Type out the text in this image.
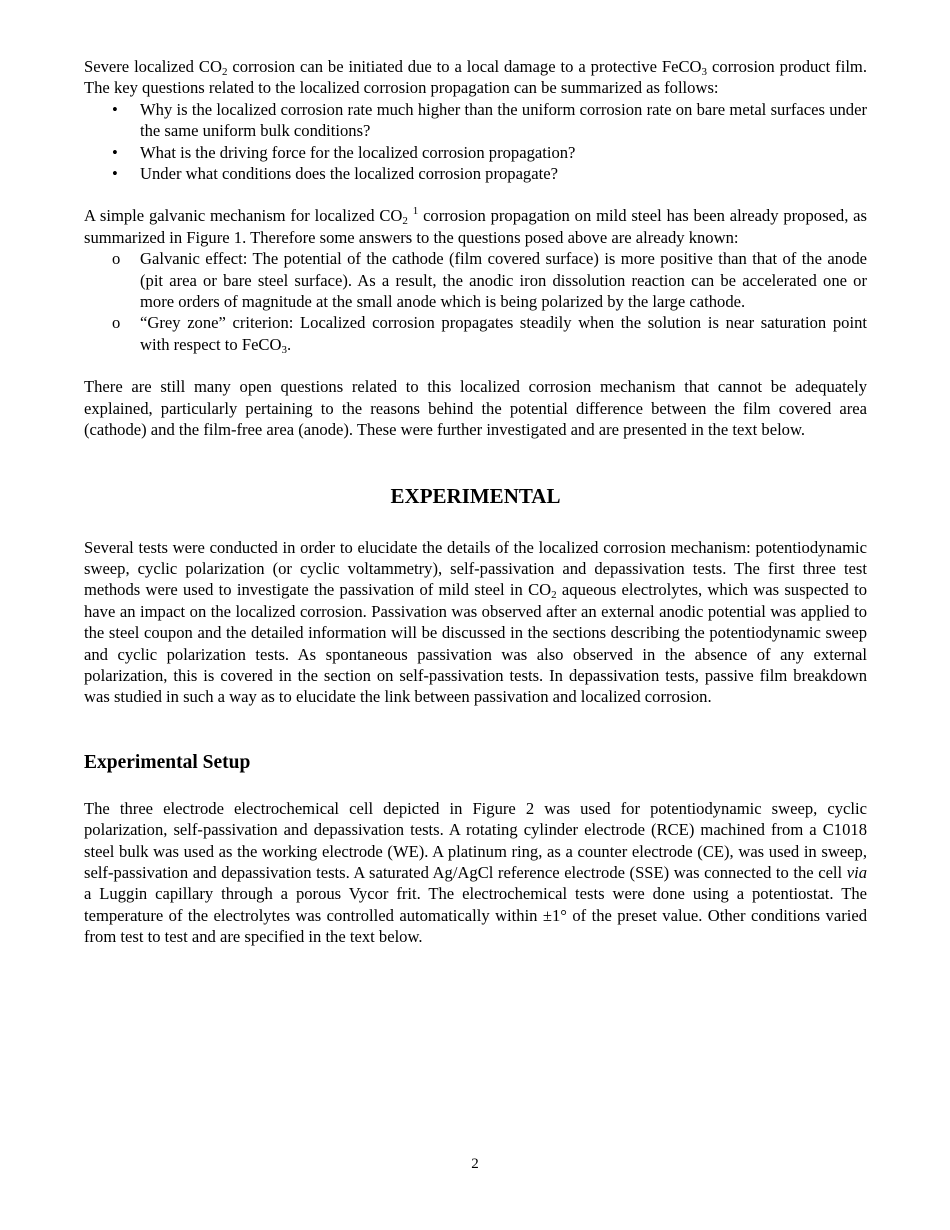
Severe localized $CO_2$ corrosion can be initiated due to a local damage to a protective FeCO$_3$ corrosion product film. The key questions related to the localized corrosion propagation can be summarized as follows:

• Why is the localized corrosion rate much higher than the uniform corrosion rate on bare metal surfaces under the same uniform bulk conditions?
• What is the driving force for the localized corrosion propagation?
• Under what conditions does the localized corrosion propagate?

A simple galvanic mechanism for localized $CO_2$ $^1$ corrosion propagation on mild steel has been already proposed, as summarized in Figure 1. Therefore some answers to the questions posed above are already known:

o Galvanic effect: The potential of the cathode (film covered surface) is more positive than that of the anode (pit area or bare steel surface). As a result, the anodic iron dissolution reaction can be accelerated one or more orders of magnitude at the small anode which is being polarized by the large cathode.
o “Grey zone” criterion: Localized corrosion propagates steadily when the solution is near saturation point with respect to FeCO$_3$.

There are still many open questions related to this localized corrosion mechanism that cannot be adequately explained, particularly pertaining to the reasons behind the potential difference between the film covered area (cathode) and the film-free area (anode). These were further investigated and are presented in the text below.

EXPERIMENTAL

Several tests were conducted in order to elucidate the details of the localized corrosion mechanism: potentiodynamic sweep, cyclic polarization (or cyclic voltammetry), self-passivation and depassivation tests. The first three test methods were used to investigate the passivation of mild steel in $CO_2$ aqueous electrolytes, which was suspected to have an impact on the localized corrosion. Passivation was observed after an external anodic potential was applied to the steel coupon and the detailed information will be discussed in the sections describing the potentiodynamic sweep and cyclic polarization tests. As spontaneous passivation was also observed in the absence of any external polarization, this is covered in the section on self-passivation tests. In depassivation tests, passive film breakdown was studied in such a way as to elucidate the link between passivation and localized corrosion.

Experimental Setup

The three electrode electrochemical cell depicted in Figure 2 was used for potentiodynamic sweep, cyclic polarization, self-passivation and depassivation tests. A rotating cylinder electrode (RCE) machined from a C1018 steel bulk was used as the working electrode (WE). A platinum ring, as a counter electrode (CE), was used in sweep, self-passivation and depassivation tests. A saturated Ag/AgCl reference electrode (SSE) was connected to the cell via a Luggin capillary through a porous Vycor frit. The electrochemical tests were done using a potentiostat. The temperature of the electrolytes was controlled automatically within ±1° of the preset value. Other conditions varied from test to test and are specified in the text below.

2
